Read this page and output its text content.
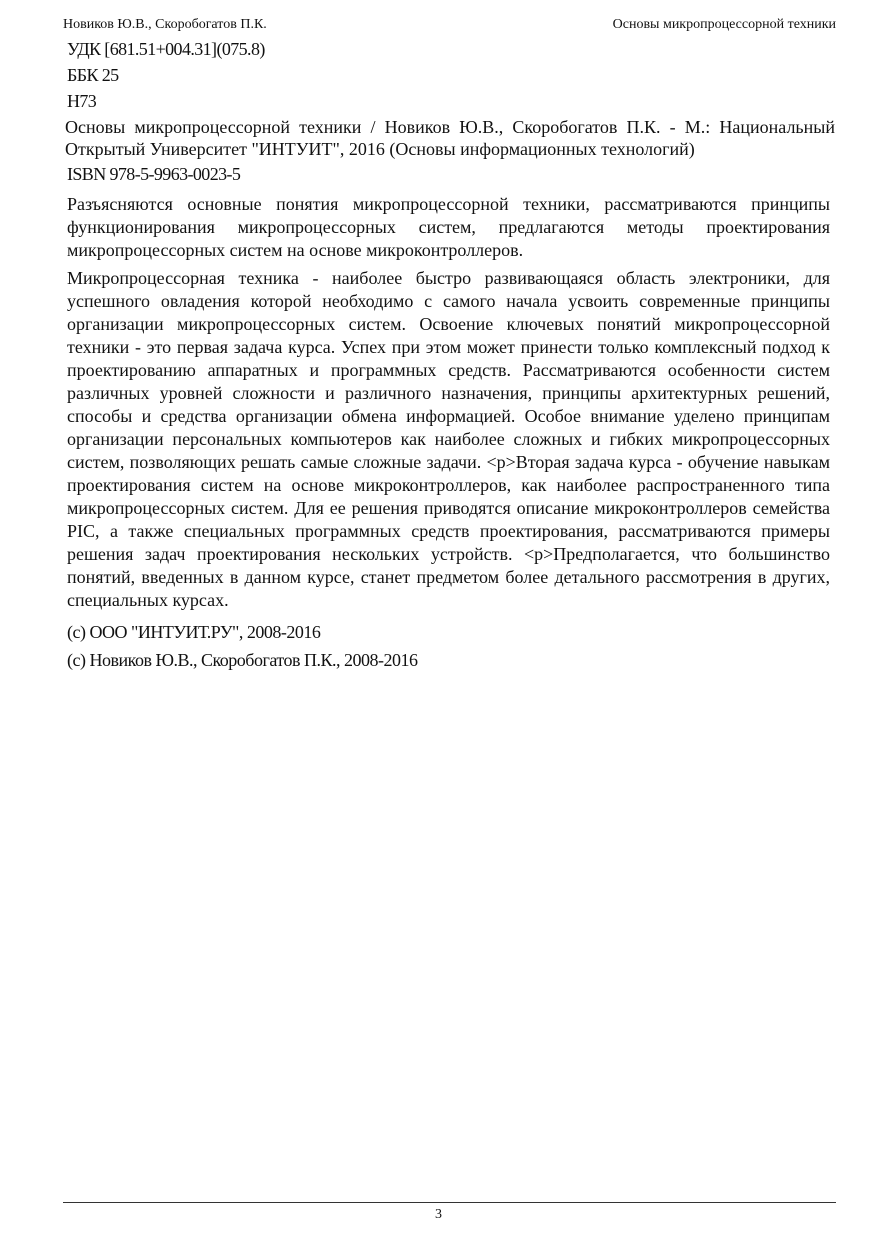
Новиков Ю.В., Скоробогатов П.К.	Основы микропроцессорной техники
УДК [681.51+004.31](075.8)
ББК 25
Н73
Основы микропроцессорной техники / Новиков Ю.В., Скоробогатов П.К. - М.: Национальный Открытый Университет "ИНТУИТ", 2016 (Основы информационных технологий)
ISBN 978-5-9963-0023-5
Разъясняются основные понятия микропроцессорной техники, рассматриваются принципы функционирования микропроцессорных систем, предлагаются методы проектирования микропроцессорных систем на основе микроконтроллеров.
Микропроцессорная техника - наиболее быстро развивающаяся область электроники, для успешного овладения которой необходимо с самого начала усвоить современные принципы организации микропроцессорных систем. Освоение ключевых понятий микропроцессорной техники - это первая задача курса. Успех при этом может принести только комплексный подход к проектированию аппаратных и программных средств. Рассматриваются особенности систем различных уровней сложности и различного назначения, принципы архитектурных решений, способы и средства организации обмена информацией. Особое внимание уделено принципам организации персональных компьютеров как наиболее сложных и гибких микропроцессорных систем, позволяющих решать самые сложные задачи. <p>Вторая задача курса - обучение навыкам проектирования систем на основе микроконтроллеров, как наиболее распространенного типа микропроцессорных систем. Для ее решения приводятся описание микроконтроллеров семейства PIC, а также специальных программных средств проектирования, рассматриваются примеры решения задач проектирования нескольких устройств. <p>Предполагается, что большинство понятий, введенных в данном курсе, станет предметом более детального рассмотрения в других, специальных курсах.
(c) ООО "ИНТУИТ.РУ", 2008-2016
(c) Новиков Ю.В., Скоробогатов П.К., 2008-2016
3
